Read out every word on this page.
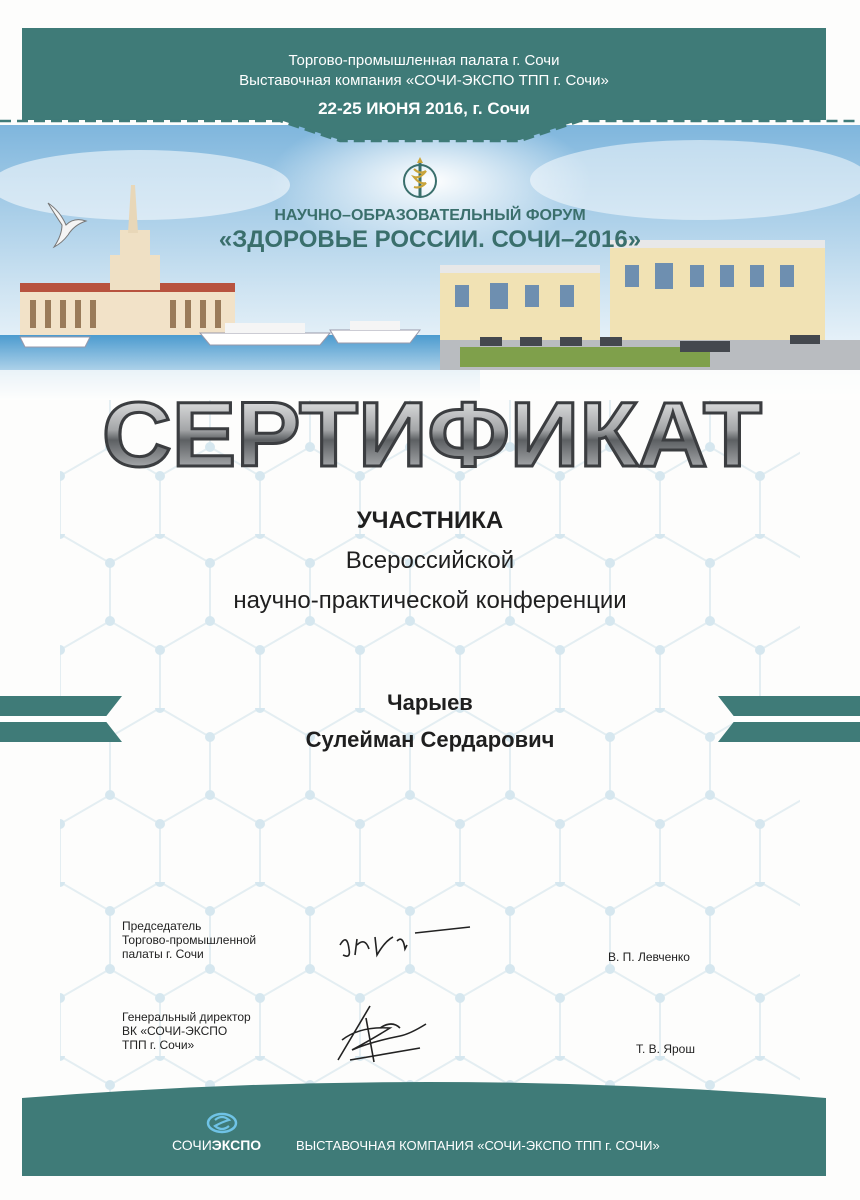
Торгово-промышленная палата г. Сочи
Выставочная компания «СОЧИ-ЭКСПО ТПП г. Сочи»
22-25 ИЮНЯ 2016, г. Сочи
НАУЧНО–ОБРАЗОВАТЕЛЬНЫЙ ФОРУМ
«ЗДОРОВЬЕ РОССИИ. СОЧИ–2016»
СЕРТИФИКАТ
УЧАСТНИКА
Всероссийской
научно-практической конференции
Чарыев
Сулейман Сердарович
Председатель
Торгово-промышленной
палаты г. Сочи	В. П. Левченко
Генеральный директор
ВК «СОЧИ-ЭКСПО
ТПП г. Сочи»	Т. В. Ярош
СОЧИЭКСПО	ВЫСТАВОЧНАЯ КОМПАНИЯ «СОЧИ-ЭКСПО ТПП г. СОЧИ»
